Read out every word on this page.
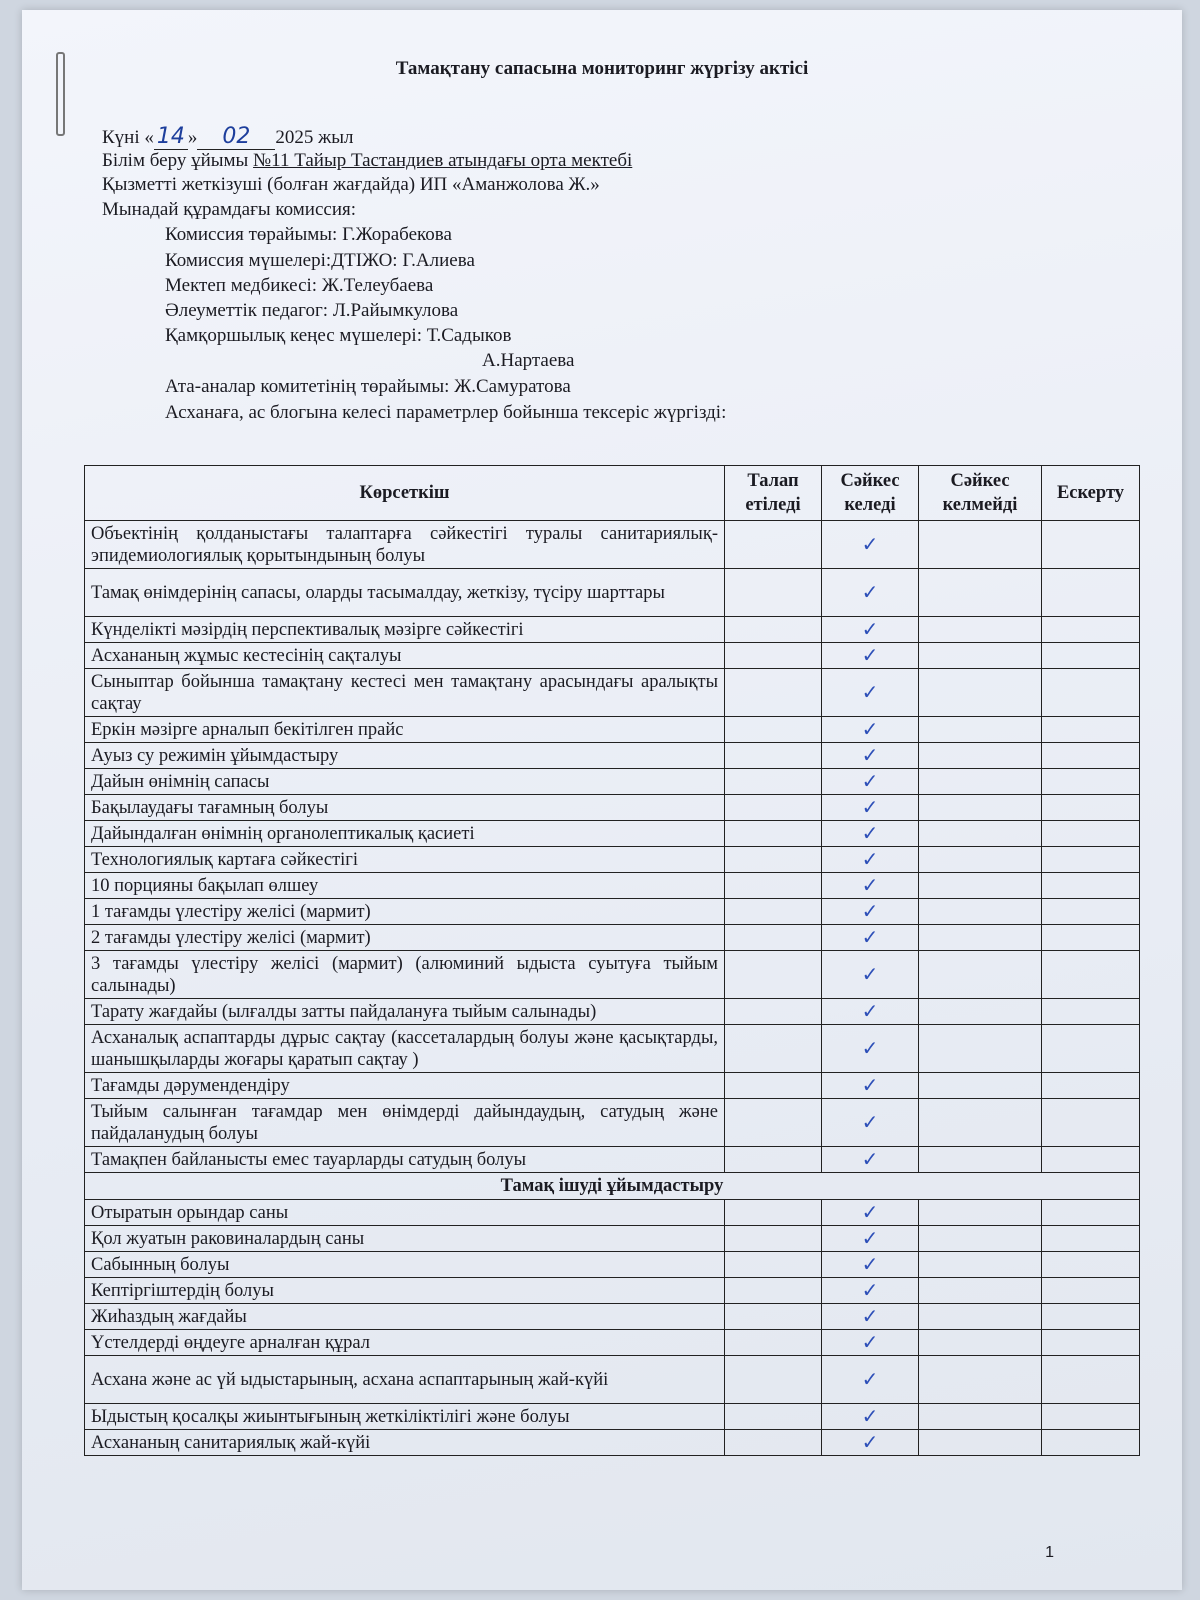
Тамақтану сапасына мониторинг жүргізу актісі
Күні « 14 » 02 2025 жыл
Білім беру ұйымы №11 Тайыр Тастандиев атындағы орта мектебі
Қызметті жеткізуші (болған жағдайда) ИП «Аманжолова Ж.»
Мынадай құрамдағы комиссия:
Комиссия төрайымы: Г.Жорабекова
Комиссия мүшелері:ДТІЖО: Г.Алиева
Мектеп медбикесі: Ж.Телеубаева
Әлеуметтік педагог: Л.Райымкулова
Қамқоршылық кеңес мүшелері: Т.Садыков
А.Нартаева
Ата-аналар комитетінің төрайымы: Ж.Самуратова
Асханаға, ас блогына келесі параметрлер бойынша тексеріс жүргізді:
Көрсеткіш	Талап етіледі	Сәйкес келеді	Сәйкес келмейді	Ескерту
Объектінің қолданыстағы талаптарға сәйкестігі туралы санитариялық-эпидемиологиялық қорытындының болуы		✓		
Тамақ өнімдерінің сапасы, оларды тасымалдау, жеткізу, түсіру шарттары		✓		
Күнделікті мәзірдің перспективалық мәзірге сәйкестігі		✓		
Асхананың жұмыс кестесінің сақталуы		✓		
Сыныптар бойынша тамақтану кестесі мен тамақтану арасындағы аралықты сақтау		✓		
Еркін мәзірге арналып бекітілген прайс		✓		
Ауыз су режимін ұйымдастыру		✓		
Дайын өнімнің сапасы		✓		
Бақылаудағы тағамның болуы		✓		
Дайындалған өнімнің органолептикалық қасиеті		✓		
Технологиялық картаға сәйкестігі		✓		
10 порцияны бақылап өлшеу		✓		
1 тағамды үлестіру желісі (мармит)		✓		
2 тағамды үлестіру желісі (мармит)		✓		
3 тағамды үлестіру желісі (мармит) (алюминий ыдыста суытуға тыйым салынады)		✓		
Тарату жағдайы (ылғалды затты пайдалануға тыйым салынады)		✓		
Асханалық аспаптарды дұрыс сақтау (кассеталардың болуы және қасықтарды, шанышқыларды жоғары қаратып сақтау )		✓		
Тағамды дәрумендендіру		✓		
Тыйым салынған тағамдар мен өнімдерді дайындаудың, сатудың және пайдаланудың болуы		✓		
Тамақпен байланысты емес тауарларды сатудың болуы		✓		
Тамақ ішуді ұйымдастыру				
Отыратын орындар саны		✓		
Қол жуатын раковиналардың саны		✓		
Сабынның болуы		✓		
Кептіргіштердің болуы		✓		
Жиһаздың жағдайы		✓		
Үстелдерді өңдеуге арналған құрал		✓		
Асхана және ас үй ыдыстарының, асхана аспаптарының жай-күйі		✓		
Ыдыстың қосалқы жиынтығының жеткіліктілігі және болуы		✓		
Асхананың санитариялық жай-күйі		✓		
1
